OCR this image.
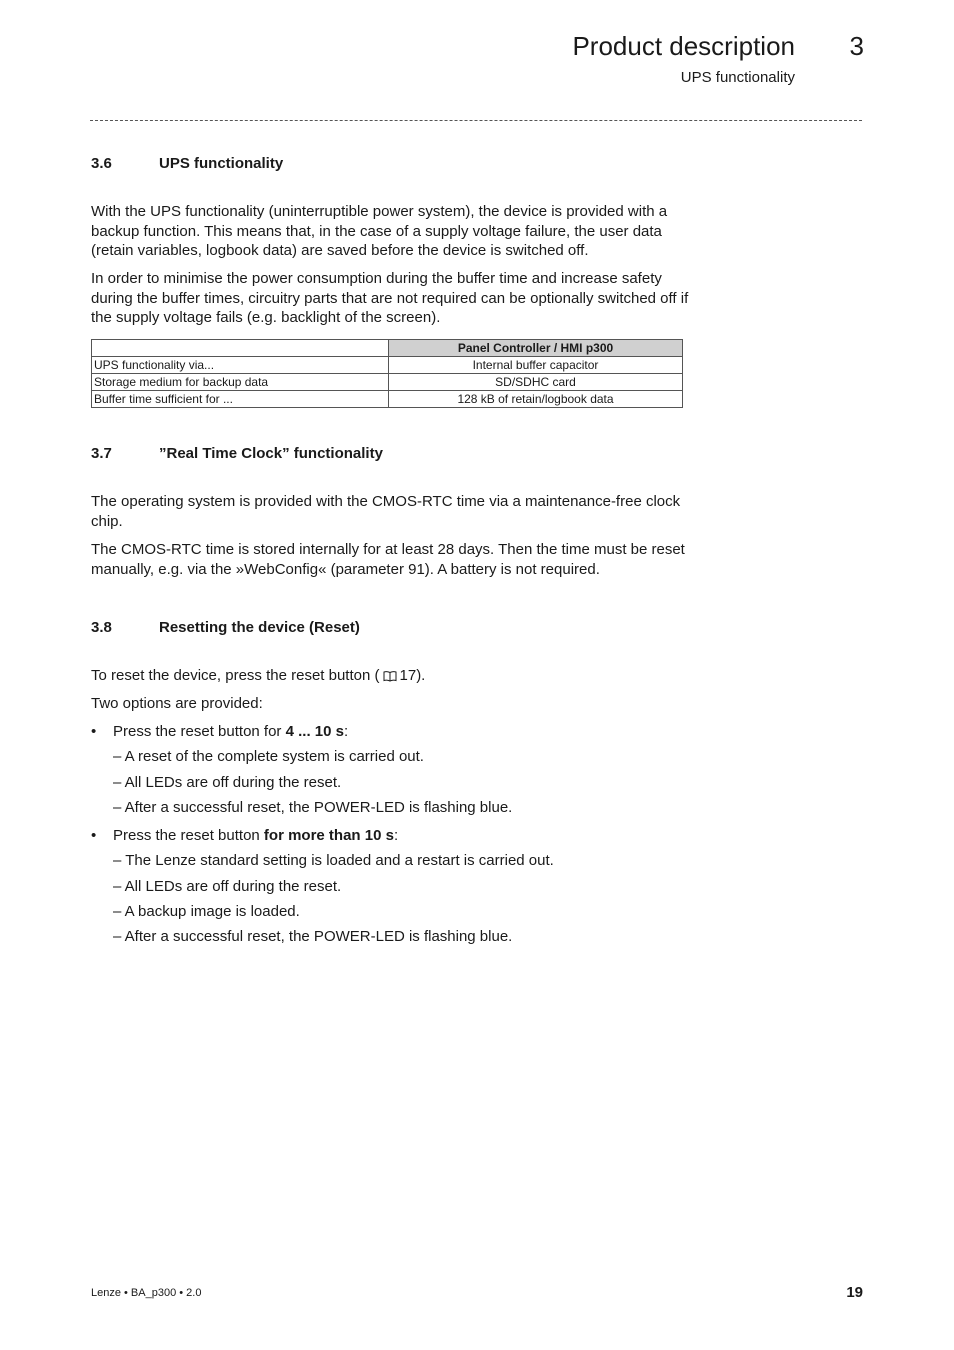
Product description	3
UPS functionality
3.6	UPS functionality
With the UPS functionality (uninterruptible power system), the device is provided with a backup function. This means that, in the case of a supply voltage failure, the user data (retain variables, logbook data) are saved before the device is switched off.
In order to minimise the power consumption during the buffer time and increase safety during the buffer times, circuitry parts that are not required can be optionally switched off if the supply voltage fails (e.g. backlight of the screen).
	Panel Controller / HMI p300
UPS functionality via...	Internal buffer capacitor
Storage medium for backup data	SD/SDHC card
Buffer time sufficient for ...	128 kB of retain/logbook data
3.7	”Real Time Clock” functionality
The operating system is provided with the CMOS-RTC time via a maintenance-free clock chip.
The CMOS-RTC time is stored internally for at least 28 days. Then the time must be reset manually, e.g. via the »WebConfig« (parameter 91). A battery is not required.
3.8	Resetting the device (Reset)
To reset the device, press the reset button ( 17).
Two options are provided:
• Press the reset button for 4 ... 10 s:
– A reset of the complete system is carried out.
– All LEDs are off during the reset.
– After a successful reset, the POWER-LED is flashing blue.
• Press the reset button for more than 10 s:
– The Lenze standard setting is loaded and a restart is carried out.
– All LEDs are off during the reset.
– A backup image is loaded.
– After a successful reset, the POWER-LED is flashing blue.
Lenze • BA_p300 • 2.0	19
